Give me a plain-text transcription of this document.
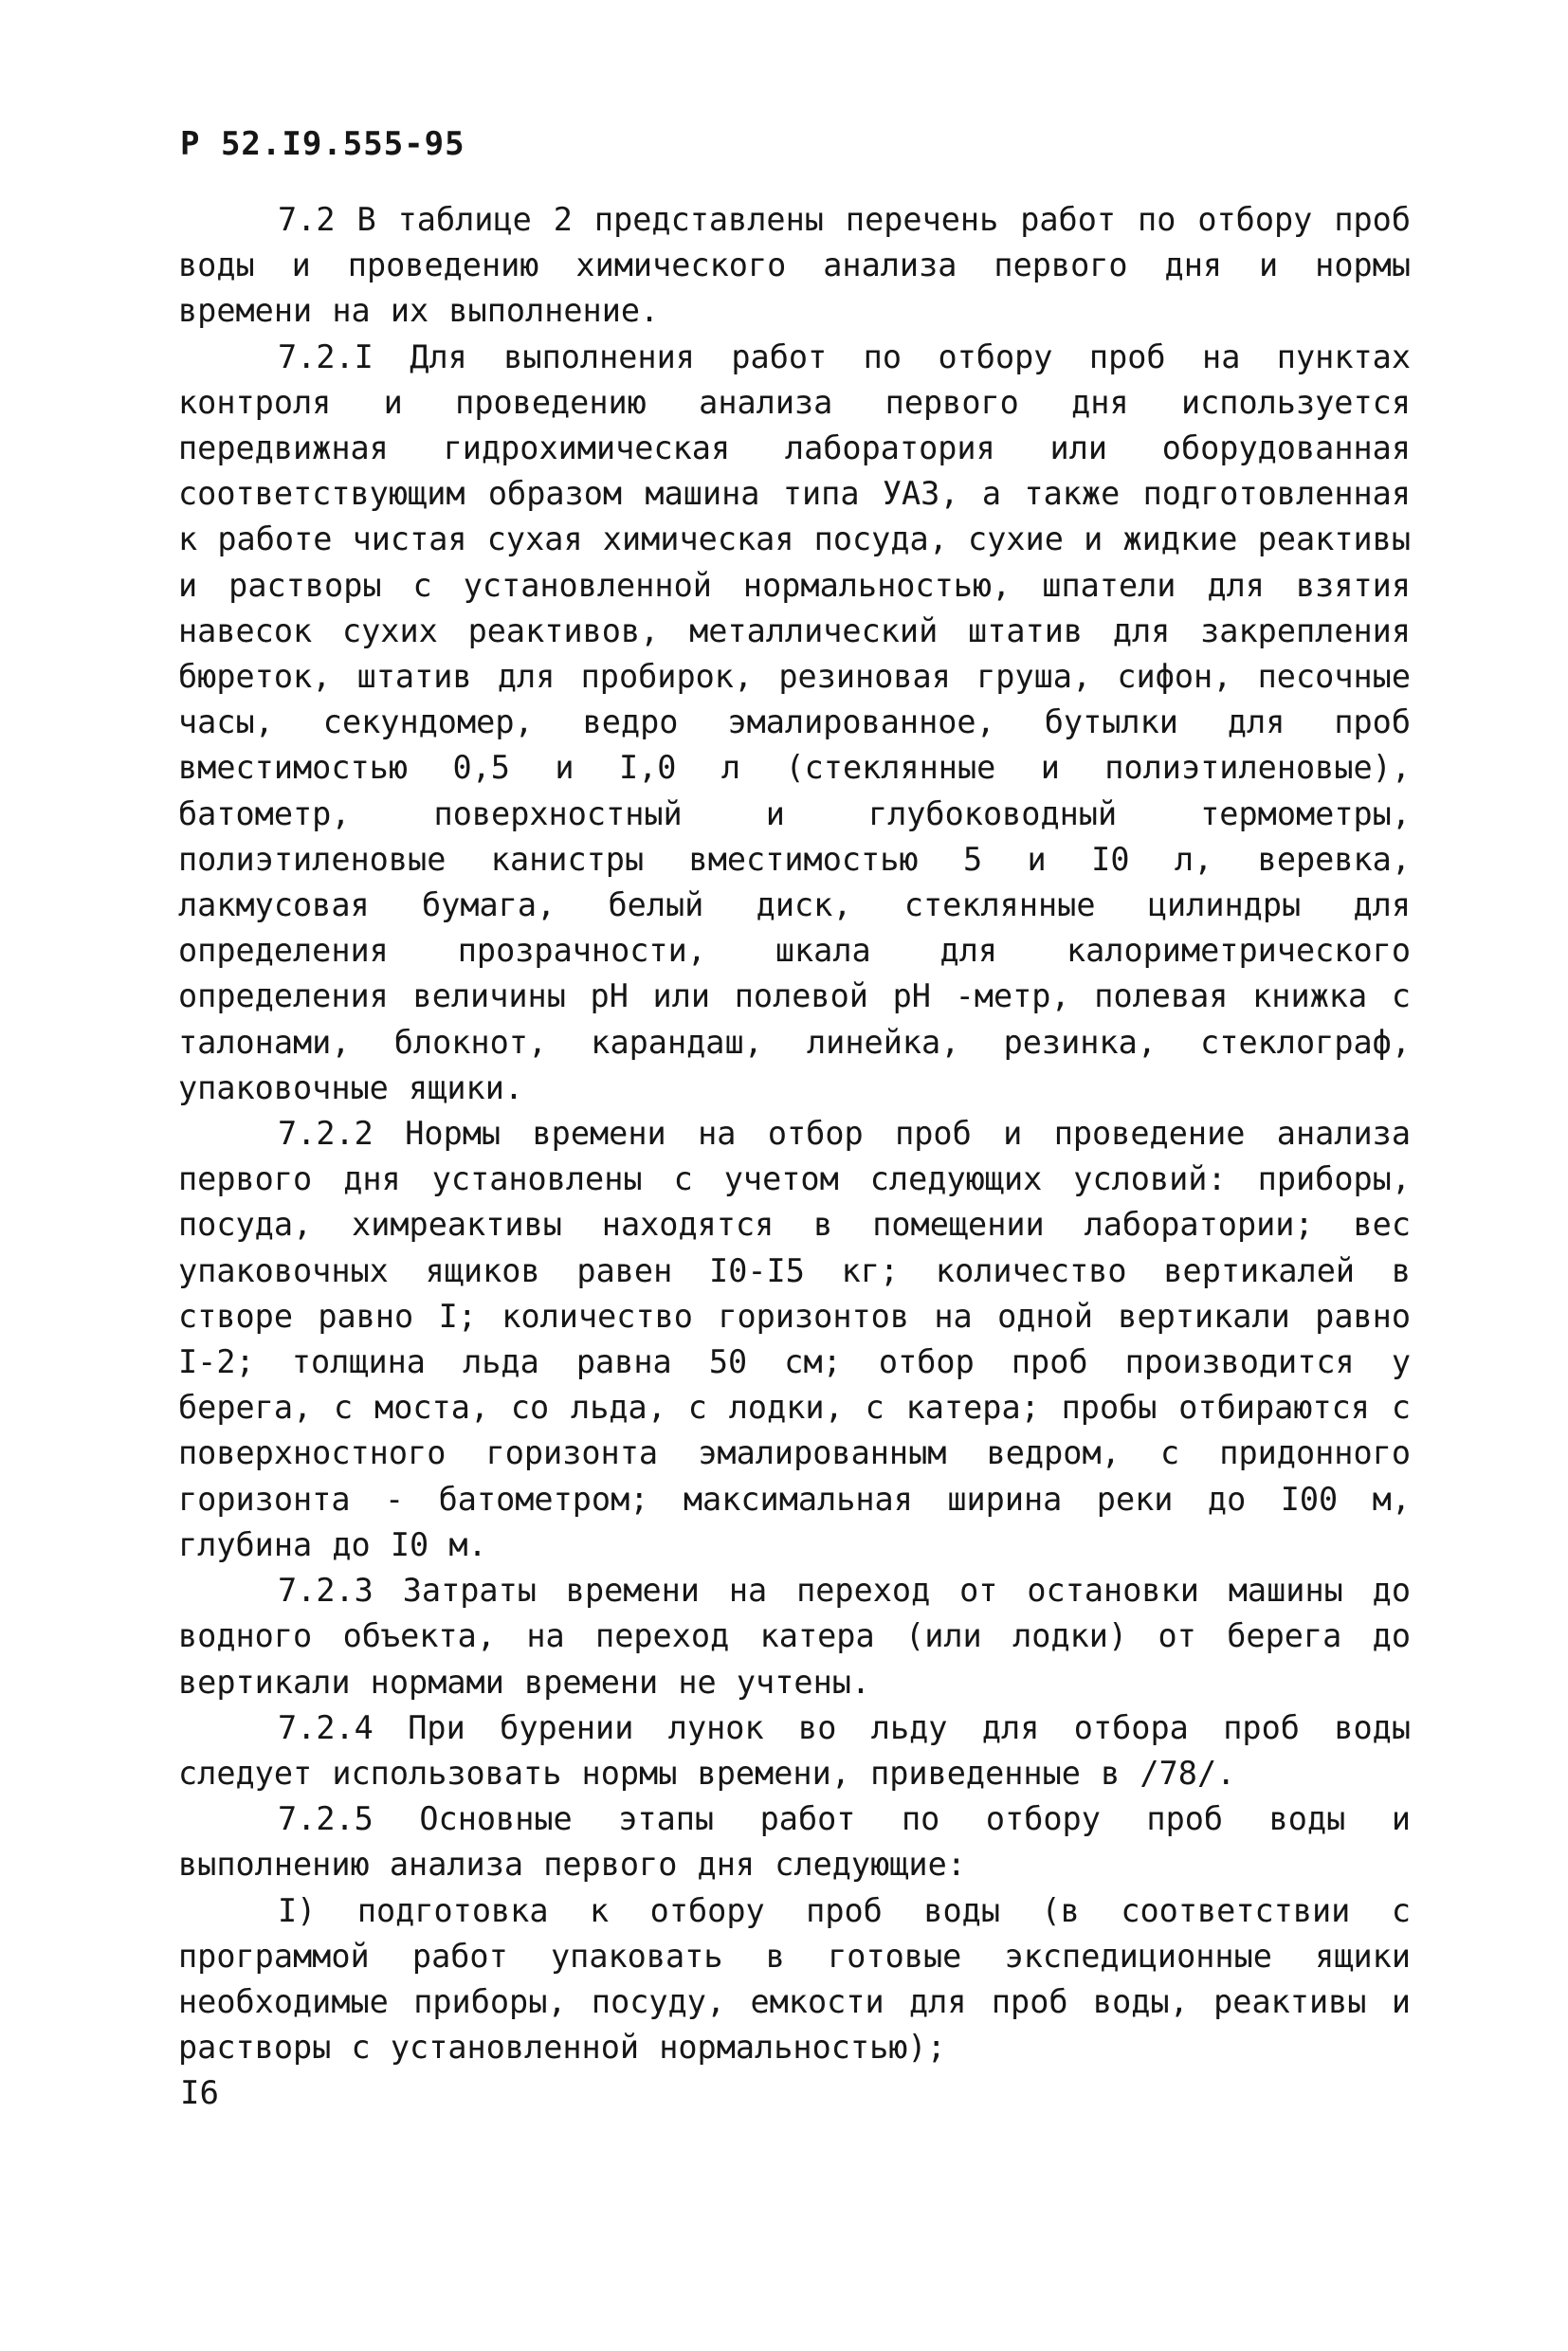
Р 52.I9.555-95

7.2 В таблице 2 представлены перечень работ по отбору проб воды и проведению химического анализа первого дня и нормы времени на их выполнение.

7.2.I Для выполнения работ по отбору проб на пунктах контроля и проведению анализа первого дня используется передвижная гидрохимическая лаборатория или оборудованная соответствующим образом машина типа УАЗ, а также подготовленная к работе чистая сухая химическая посуда, сухие и жидкие реактивы и растворы с установленной нормальностью, шпатели для взятия навесок сухих реактивов, металлический штатив для закрепления бюреток, штатив для пробирок, резиновая груша, сифон, песочные часы, секундомер, ведро эмалированное, бутылки для проб вместимостью 0,5 и I,0 л (стеклянные и полиэтиленовые), батометр, поверхностный и глубоководный термометры, полиэтиленовые канистры вместимостью 5 и I0 л, веревка, лакмусовая бумага, белый диск, стеклянные цилиндры для определения прозрачности, шкала для калориметрического определения величины pH или полевой pH -метр, полевая книжка с талонами, блокнот, карандаш, линейка, резинка, стеклограф, упаковочные ящики.

7.2.2 Нормы времени на отбор проб и проведение анализа первого дня установлены с учетом следующих условий: приборы, посуда, химреактивы находятся в помещении лаборатории; вес упаковочных ящиков равен I0-I5 кг; количество вертикалей в створе равно I; количество горизонтов на одной вертикали равно I-2; толщина льда равна 50 см; отбор проб производится у берега, с моста, со льда, с лодки, с катера; пробы отбираются с поверхностного горизонта эмалированным ведром, с придонного горизонта - батометром; максимальная ширина реки до I00 м, глубина до I0 м.

7.2.3 Затраты времени на переход от остановки машины до водного объекта, на переход катера (или лодки) от берега до вертикали нормами времени не учтены.

7.2.4 При бурении лунок во льду для отбора проб воды следует использовать нормы времени, приведенные в /78/.

7.2.5 Основные этапы работ по отбору проб воды и выполнению анализа первого дня следующие:

I) подготовка к отбору проб воды (в соответствии с программой работ упаковать в готовые экспедиционные ящики необходимые приборы, посуду, емкости для проб воды, реактивы и растворы с установленной нормальностью);

I6
